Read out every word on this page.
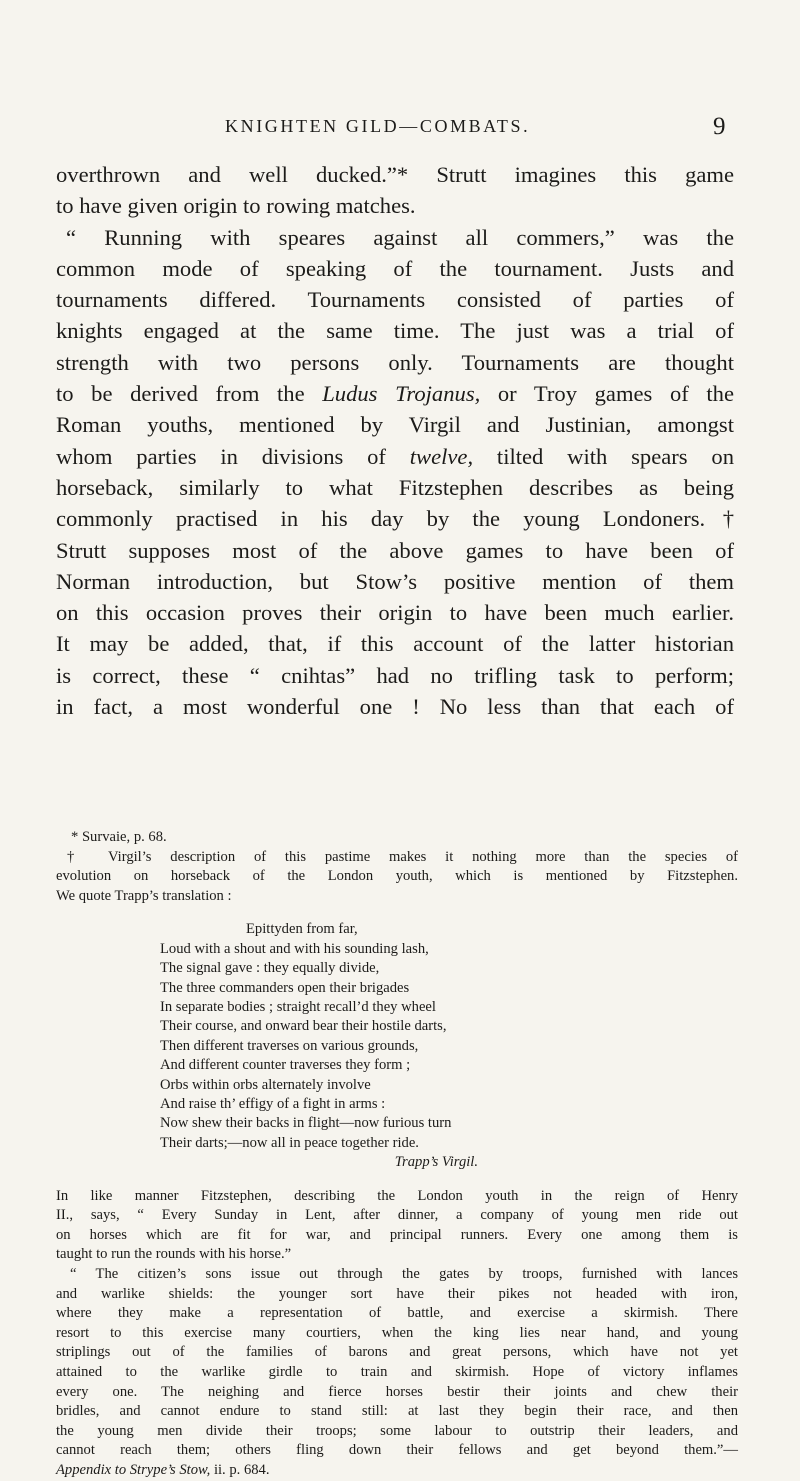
KNIGHTEN GILD—COMBATS.	9
overthrown and well ducked.”* Strutt imagines this game
to have given origin to rowing matches.
“ Running with speares against all commers,” was the
common mode of speaking of the tournament. Justs and
tournaments differed. Tournaments consisted of parties of
knights engaged at the same time. The just was a trial of
strength with two persons only. Tournaments are thought
to be derived from the Ludus Trojanus, or Troy games of the
Roman youths, mentioned by Virgil and Justinian, amongst
whom parties in divisions of twelve, tilted with spears on
horseback, similarly to what Fitzstephen describes as being
commonly practised in his day by the young Londoners.†
Strutt supposes most of the above games to have been of
Norman introduction, but Stow’s positive mention of them
on this occasion proves their origin to have been much earlier.
It may be added, that, if this account of the latter historian
is correct, these “ cnihtas” had no trifling task to perform;
in fact, a most wonderful one ! No less than that each of
* Survaie, p. 68.
† Virgil’s description of this pastime makes it nothing more than the species of
evolution on horseback of the London youth, which is mentioned by Fitzstephen.
We quote Trapp’s translation :
Epittyden from far,
Loud with a shout and with his sounding lash,
The signal gave : they equally divide,
The three commanders open their brigades
In separate bodies ; straight recall’d they wheel
Their course, and onward bear their hostile darts,
Then different traverses on various grounds,
And different counter traverses they form ;
Orbs within orbs alternately involve
And raise th’ effigy of a fight in arms :
Now shew their backs in flight—now furious turn
Their darts;—now all in peace together ride.
Trapp’s Virgil.
In like manner Fitzstephen, describing the London youth in the reign of Henry
II., says, “ Every Sunday in Lent, after dinner, a company of young men ride out
on horses which are fit for war, and principal runners. Every one among them is
taught to run the rounds with his horse.”
“ The citizen’s sons issue out through the gates by troops, furnished with lances
and warlike shields: the younger sort have their pikes not headed with iron,
where they make a representation of battle, and exercise a skirmish. There
resort to this exercise many courtiers, when the king lies near hand, and young
striplings out of the families of barons and great persons, which have not yet
attained to the warlike girdle to train and skirmish. Hope of victory inflames
every one. The neighing and fierce horses bestir their joints and chew their
bridles, and cannot endure to stand still: at last they begin their race, and then
the young men divide their troops; some labour to outstrip their leaders, and
cannot reach them; others fling down their fellows and get beyond them.”—
Appendix to Strype’s Stow, ii. p. 684.
